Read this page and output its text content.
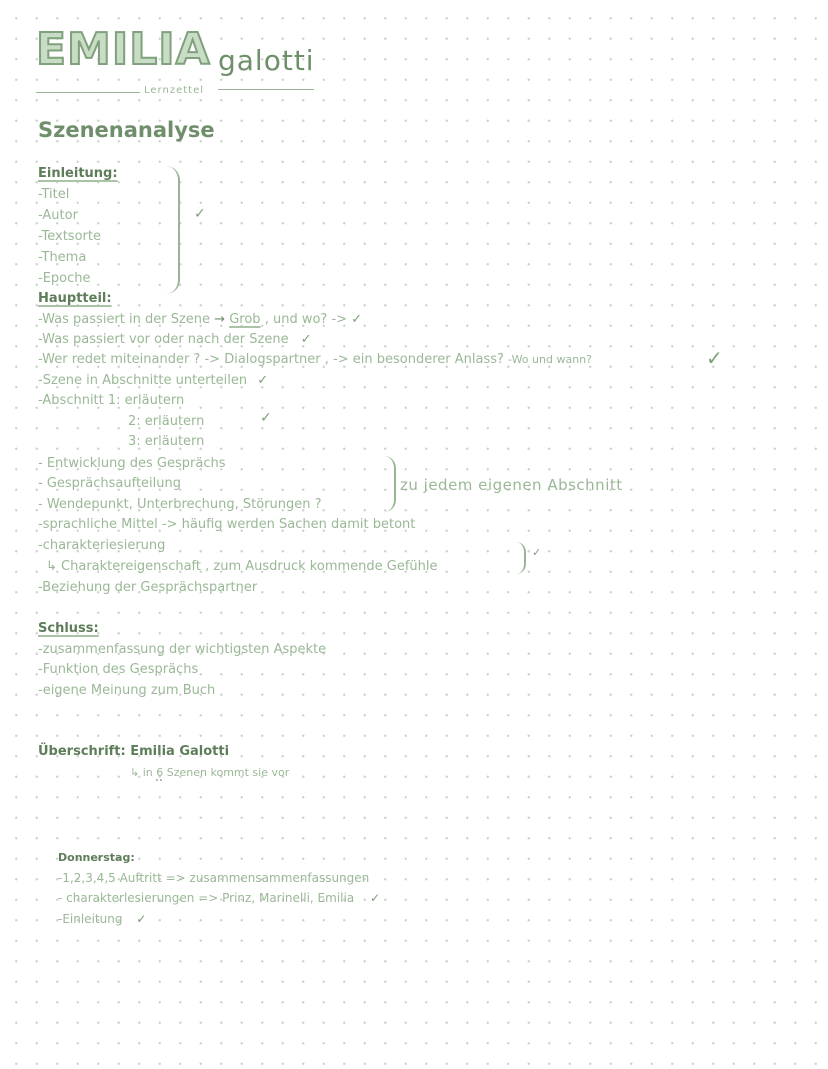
EMILIA galotti
Lernzettel
Szenenanalyse
Einleitung:
-Titel
-Autor
-Textsorte
-Thema
-Epoche
✓
Hauptteil:
-Was passiert in der Szene → Grob , und wo? -> ✓
-Was passiert vor oder nach der Szene ✓
-Wer redet miteinander ? -> Dialogspartner , -> ein besonderer Anlass? -Wo und wann?	✓
-Szene in Abschnitte unterteilen ✓
-Abschnitt 1: erläutern
2: erläutern	✓
3: erläutern
- Entwicklung des Gesprächs
- Gesprächsaufteilung
- Wendepunkt, Unterbrechung, Störungen ?
zu jedem eigenen Abschnitt
-sprachliche Mittel -> häufig werden Sachen damit betont
-charakteriesierung
↳ Charaktereigenschaft , zum Ausdruck kommende Gefühle
✓
-Beziehung der Gesprächspartner
Schluss:
-zusammenfassung der wichtigsten Aspekte
-Funktion des Gesprächs
-eigene Meinung zum Buch
Überschrift: Emilia Galotti
↳ in 6 Szenen kommt sie vor
Donnerstag:
-1,2,3,4,5 Auftritt => zusammensammenfassungen
- charakterlesierungen => Prinz, Marinelli, Emilia ✓
-Einleitung ✓
